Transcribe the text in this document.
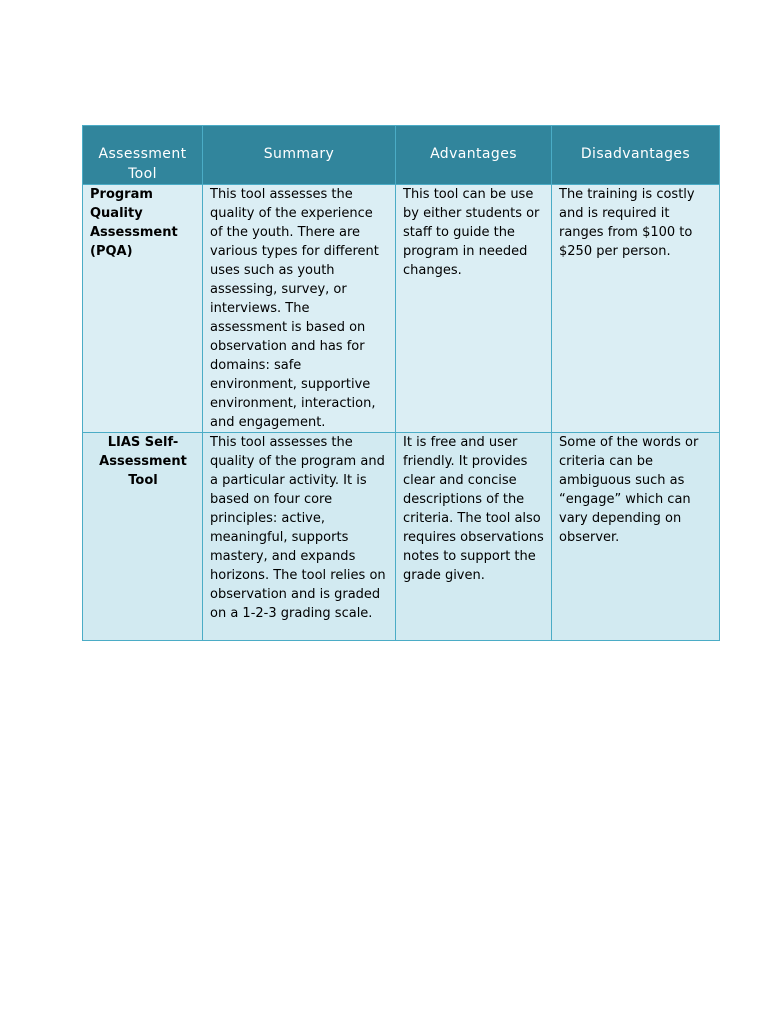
Assessment Tool	Summary	Advantages	Disadvantages
Program Quality Assessment (PQA)	This tool assesses the quality of the experience of the youth. There are various types for different uses such as youth assessing, survey, or interviews. The assessment is based on observation and has for domains: safe environment, supportive environment, interaction, and engagement.	This tool can be use by either students or staff to guide the program in needed changes.	The training is costly and is required it ranges from $100 to $250 per person.
LIAS Self-Assessment Tool	This tool assesses the quality of the program and a particular activity. It is based on four core principles: active, meaningful, supports mastery, and expands horizons. The tool relies on observation and is graded on a 1-2-3 grading scale.	It is free and user friendly. It provides clear and concise descriptions of the criteria. The tool also requires observations notes to support the grade given.	Some of the words or criteria can be ambiguous such as “engage” which can vary depending on observer.
